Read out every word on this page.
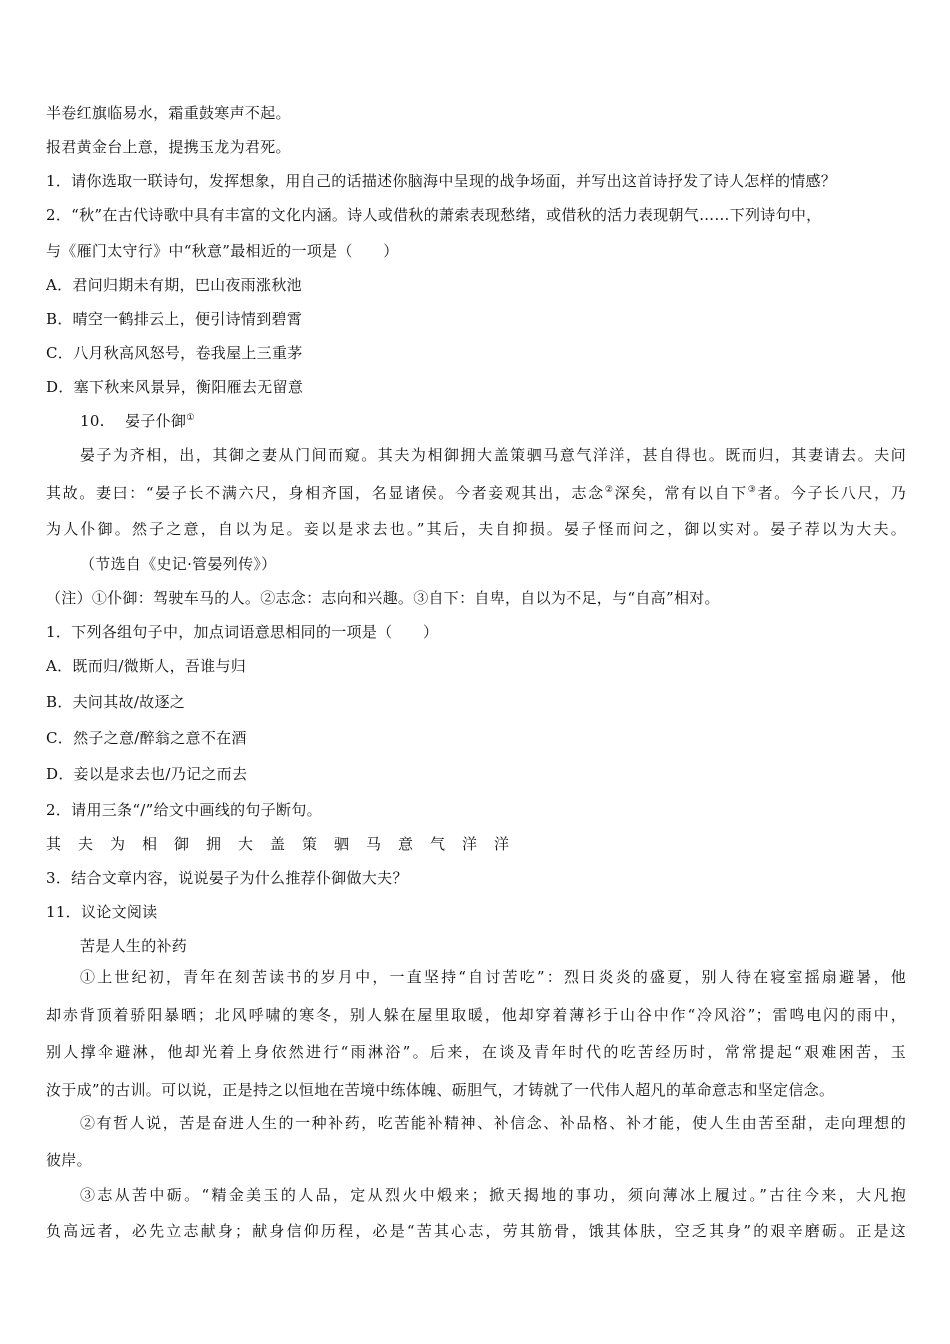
半卷红旗临易水，霜重鼓寒声不起。
报君黄金台上意，提携玉龙为君死。
1．请你选取一联诗句，发挥想象，用自己的话描述你脑海中呈现的战争场面，并写出这首诗抒发了诗人怎样的情感？
2．“秋”在古代诗歌中具有丰富的文化内涵。诗人或借秋的萧索表现愁绪，或借秋的活力表现朝气……下列诗句中，
与《雁门太守行》中“秋意”最相近的一项是（　　）
A．君问归期未有期，巴山夜雨涨秋池
B．晴空一鹤排云上，便引诗情到碧霄
C．八月秋高风怒号，卷我屋上三重茅
D．塞下秋来风景异，衡阳雁去无留意
10.　 晏子仆御①
晏子为齐相，出，其御之妻从门间而窥。其夫为相御拥大盖策驷马意气洋洋，甚自得也。既而归，其妻请去。夫问
其故。妻曰：“晏子长不满六尺，身相齐国，名显诸侯。今者妾观其出，志念②深矣，常有以自下③者。今子长八尺，乃
为人仆御。然子之意，自以为足。妾以是求去也。”其后，夫自抑损。晏子怪而问之，御以实对。晏子荐以为大夫。
（节选自《史记·管晏列传》）
（注）①仆御：驾驶车马的人。②志念：志向和兴趣。③自下：自卑，自以为不足，与“自高”相对。
1．下列各组句子中，加点词语意思相同的一项是（　　）
A．既而归/微斯人，吾谁与归
B．夫问其故/故逐之
C．然子之意/醉翁之意不在酒
D．妾以是求去也/乃记之而去
2．请用三条“/”给文中画线的句子断句。
其夫为相御拥大盖策驷马意气洋洋
3．结合文章内容，说说晏子为什么推荐仆御做大夫？
11．议论文阅读
苦是人生的补药
①上世纪初，青年在刻苦读书的岁月中，一直坚持“自讨苦吃”：烈日炎炎的盛夏，别人待在寝室摇扇避暑，他
却赤背顶着骄阳暴晒；北风呼啸的寒冬，别人躲在屋里取暖，他却穿着薄衫于山谷中作“冷风浴”；雷鸣电闪的雨中，
别人撑伞避淋，他却光着上身依然进行“雨淋浴”。后来，在谈及青年时代的吃苦经历时，常常提起“艰难困苦，玉
汝于成”的古训。可以说，正是持之以恒地在苦境中练体魄、砺胆气，才铸就了一代伟人超凡的革命意志和坚定信念。
②有哲人说，苦是奋进人生的一种补药，吃苦能补精神、补信念、补品格、补才能，使人生由苦至甜，走向理想的
彼岸。
③志从苦中砺。“精金美玉的人品，定从烈火中煅来；掀天揭地的事功，须向薄冰上履过。”古往今来，大凡抱
负高远者，必先立志献身；献身信仰历程，必是“苦其心志，劳其筋骨，饿其体肤，空乏其身”的艰辛磨砺。正是这
